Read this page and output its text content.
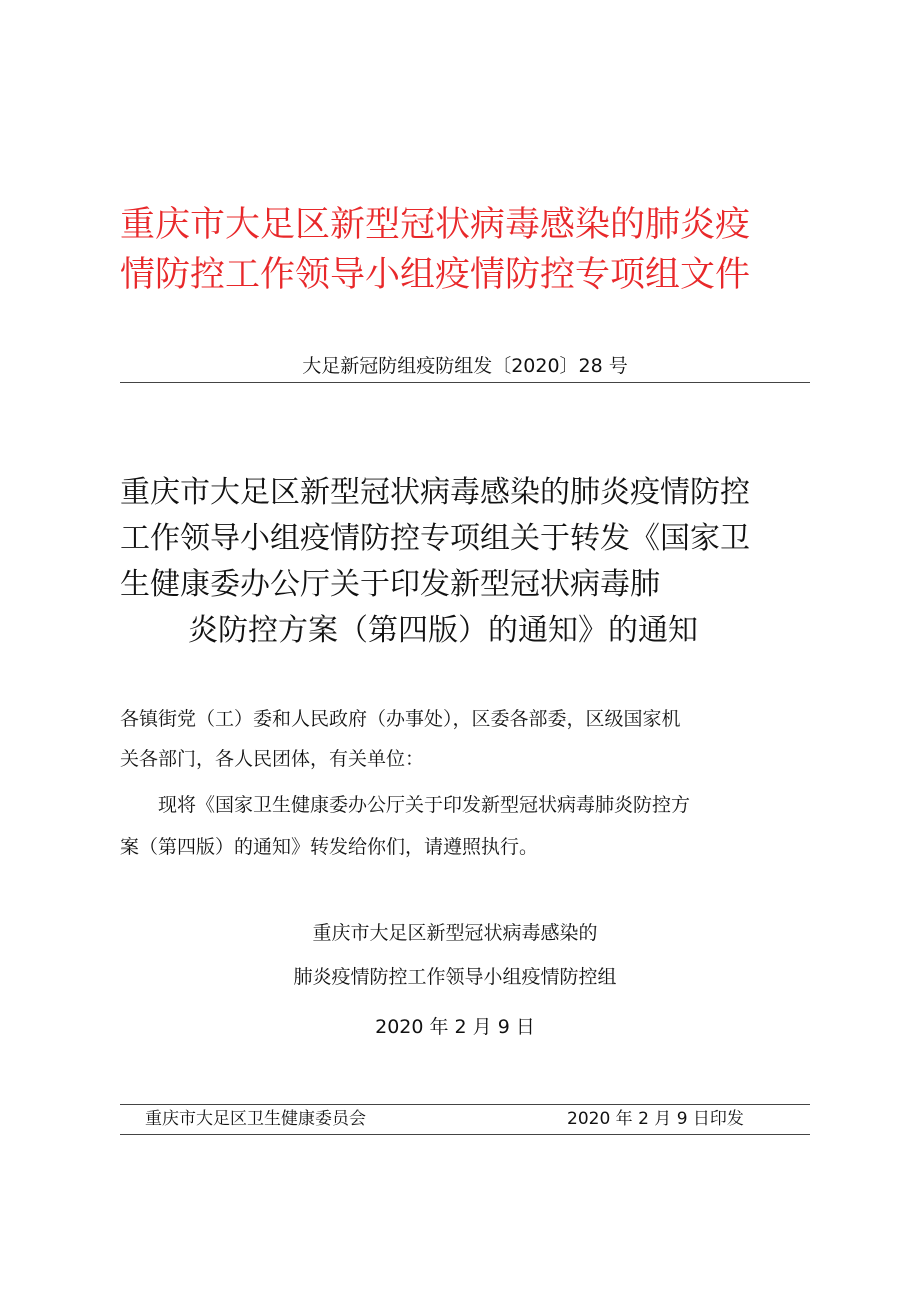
重庆市大足区新型冠状病毒感染的肺炎疫
情防控工作领导小组疫情防控专项组文件
大足新冠防组疫防组发〔2020〕28 号
重庆市大足区新型冠状病毒感染的肺炎疫情防控
工作领导小组疫情防控专项组关于转发《国家卫
生健康委办公厅关于印发新型冠状病毒肺
炎防控方案（第四版）的通知》的通知
各镇街党（工）委和人民政府（办事处），区委各部委，区级国家机
关各部门，各人民团体，有关单位：
现将《国家卫生健康委办公厅关于印发新型冠状病毒肺炎防控方
案（第四版）的通知》转发给你们，请遵照执行。
重庆市大足区新型冠状病毒感染的
肺炎疫情防控工作领导小组疫情防控组
2020 年 2 月 9 日
重庆市大足区卫生健康委员会	2020 年 2 月 9 日印发
